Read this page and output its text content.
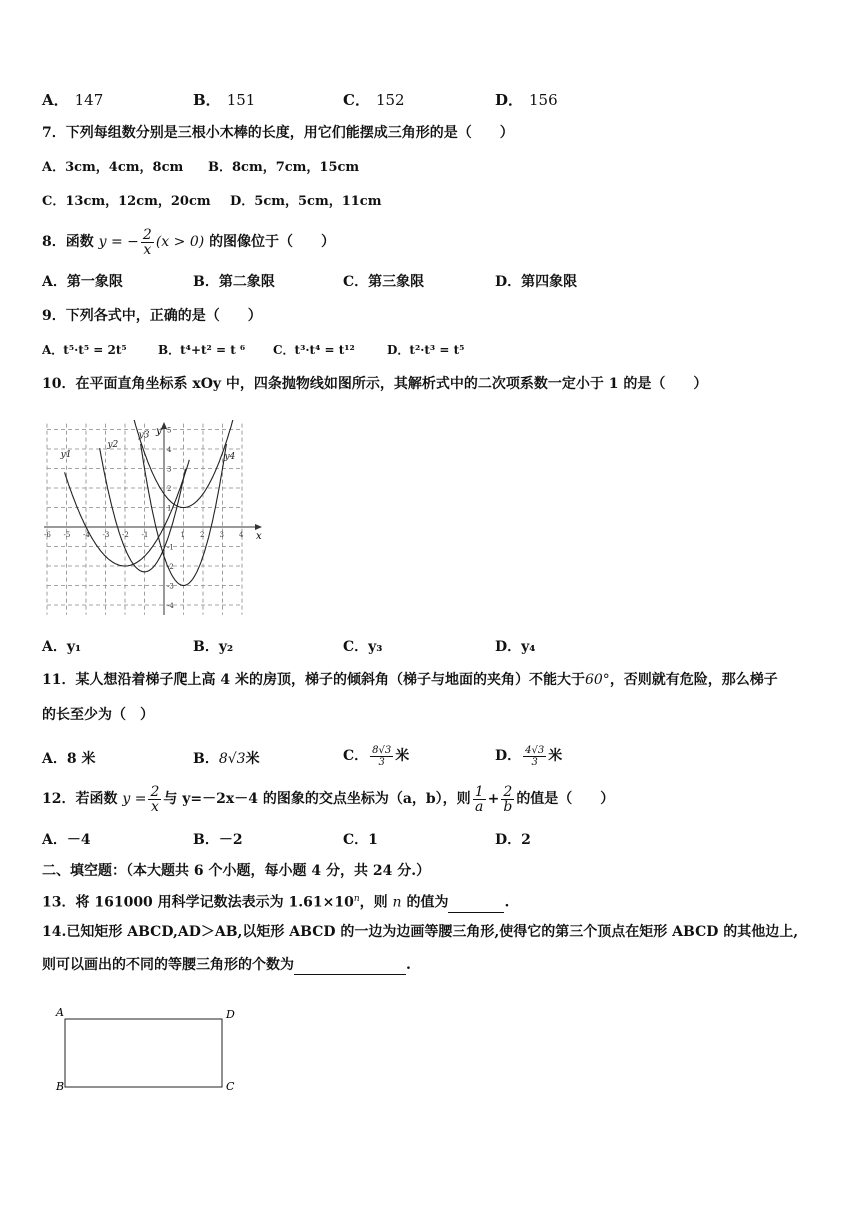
A． 147	B． 151	C． 152	D． 156
7．下列每组数分别是三根小木棒的长度，用它们能摆成三角形的是（　　）
A．3cm，4cm，8cm B．8cm，7cm，15cm
C．13cm，12cm，20cm D．5cm，5cm，11cm
8．函数 y = − $\frac{2}{x} (x > 0)$ 的图像位于（　　）
A．第一象限	B．第二象限	C．第三象限	D．第四象限
9．下列各式中，正确的是（　　）
A．t⁵·t⁵ = 2t⁵	B．t⁴+t² = t ⁶ C．t³·t⁴ = t¹²	D．t²·t³ = t⁵
10．在平面直角坐标系 xOy 中，四条抛物线如图所示，其解析式中的二次项系数一定小于 1 的是（　　）
x
y
-6 -5 -4 -3 -2 -1	1 2 3 4
5
4
3
2
1
-1
-2
-3
-4
y1
y2
y3
y4
A．y₁	B．y₂	C．y₃	D．y₄
11．某人想沿着梯子爬上高 4 米的房顶，梯子的倾斜角（梯子与地面的夹角）不能大于60°，否则就有危险，那么梯子
的长至少为（　）
A．8 米	B．8√3米	C． $\frac{8√3}{3}$ 米	D． $\frac{4√3}{3}$ 米
12．若函数 $y = \frac{2}{x}$ 与 y=－2x－4 的图象的交点坐标为（a，b），则 $\frac{1}{a} + \frac{2}{b}$ 的值是（　　）
A．－4	B．－2	C．1	D．2
二、填空题：（本大题共 6 个小题，每小题 4 分，共 24 分.）
13．将 161000 用科学记数法表示为 $1.61\times 10^n$，则 n 的值为	.
14.已知矩形 ABCD,AD＞AB,以矩形 ABCD 的一边为边画等腰三角形,使得它的第三个顶点在矩形 ABCD 的其他边上,
则可以画出的不同的等腰三角形的个数为	.
A	D
B	C
